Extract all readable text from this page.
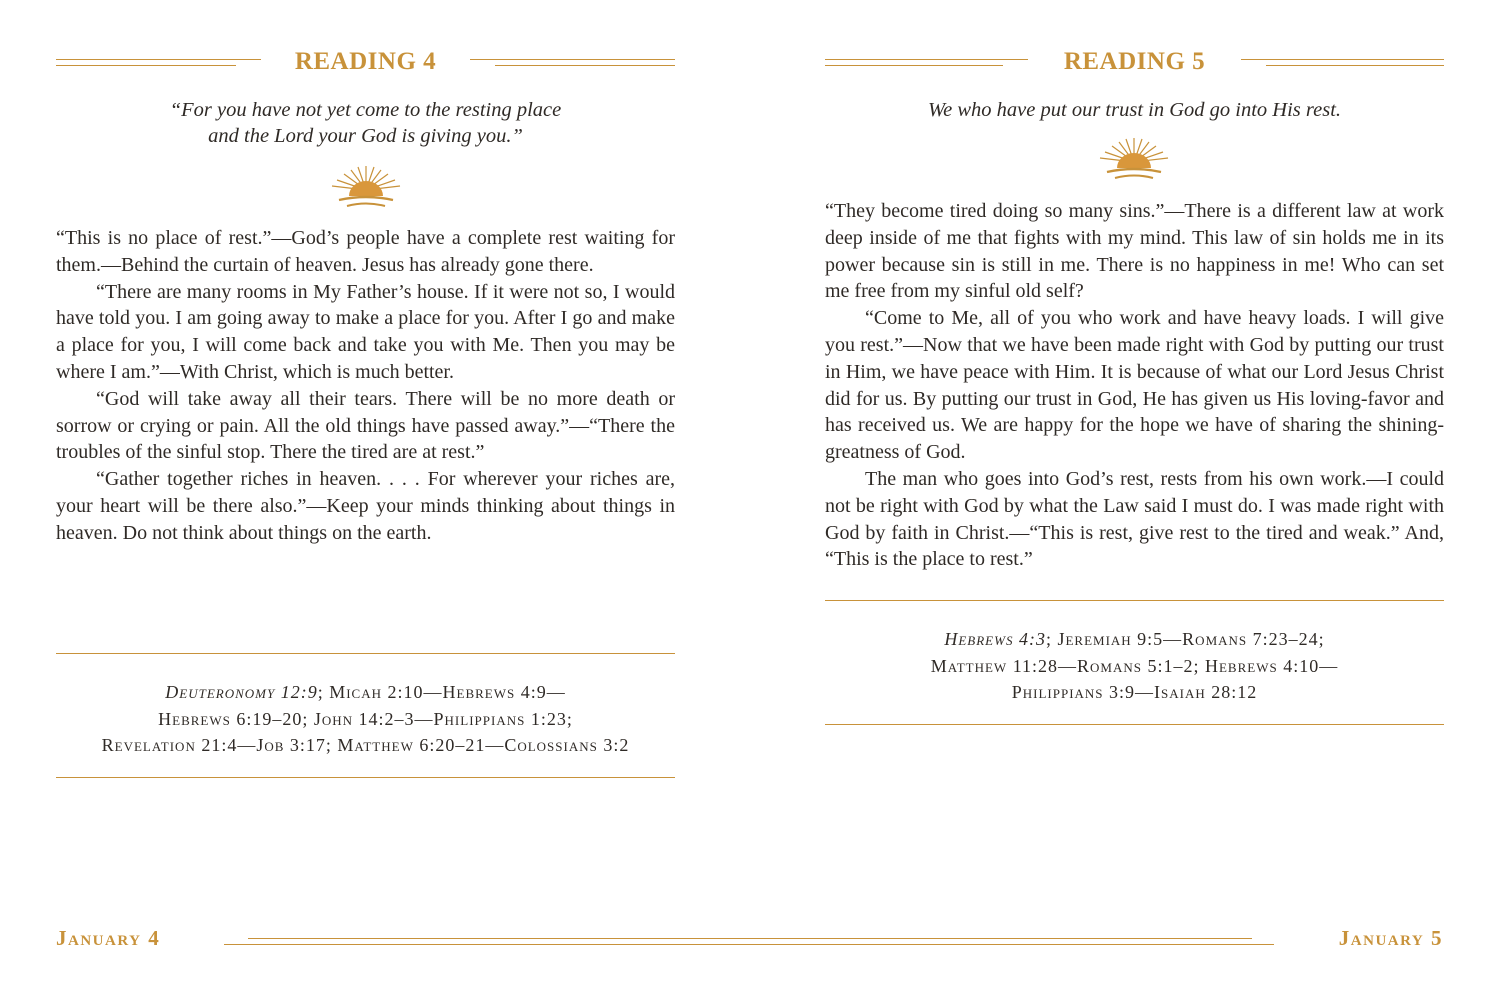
READING 4
“For you have not yet come to the resting place
and the Lord your God is giving you.”

“This is no place of rest.”—God’s people have a complete rest waiting for them.—Behind the curtain of heaven. Jesus has already gone there.

“There are many rooms in My Father’s house. If it were not so, I would have told you. I am going away to make a place for you. After I go and make a place for you, I will come back and take you with Me. Then you may be where I am.”—With Christ, which is much better.

“God will take away all their tears. There will be no more death or sorrow or crying or pain. All the old things have passed away.”—“There the troubles of the sinful stop. There the tired are at rest.”

“Gather together riches in heaven. . . . For wherever your riches are, your heart will be there also.”—Keep your minds thinking about things in heaven. Do not think about things on the earth.

Deuteronomy 12:9; Micah 2:10—Hebrews 4:9—
Hebrews 6:19–20; John 14:2–3—Philippians 1:23;
Revelation 21:4—Job 3:17; Matthew 6:20–21—Colossians 3:2
READING 5
We who have put our trust in God go into His rest.

“They become tired doing so many sins.”—There is a different law at work deep inside of me that fights with my mind. This law of sin holds me in its power because sin is still in me. There is no happiness in me! Who can set me free from my sinful old self?

“Come to Me, all of you who work and have heavy loads. I will give you rest.”—Now that we have been made right with God by putting our trust in Him, we have peace with Him. It is because of what our Lord Jesus Christ did for us. By putting our trust in God, He has given us His loving-favor and has received us. We are happy for the hope we have of sharing the shining-greatness of God.

The man who goes into God’s rest, rests from his own work.—I could not be right with God by what the Law said I must do. I was made right with God by faith in Christ.—“This is rest, give rest to the tired and weak.” And, “This is the place to rest.”

Hebrews 4:3; Jeremiah 9:5—Romans 7:23–24;
Matthew 11:28—Romans 5:1–2; Hebrews 4:10—
Philippians 3:9—Isaiah 28:12
January 4	January 5
